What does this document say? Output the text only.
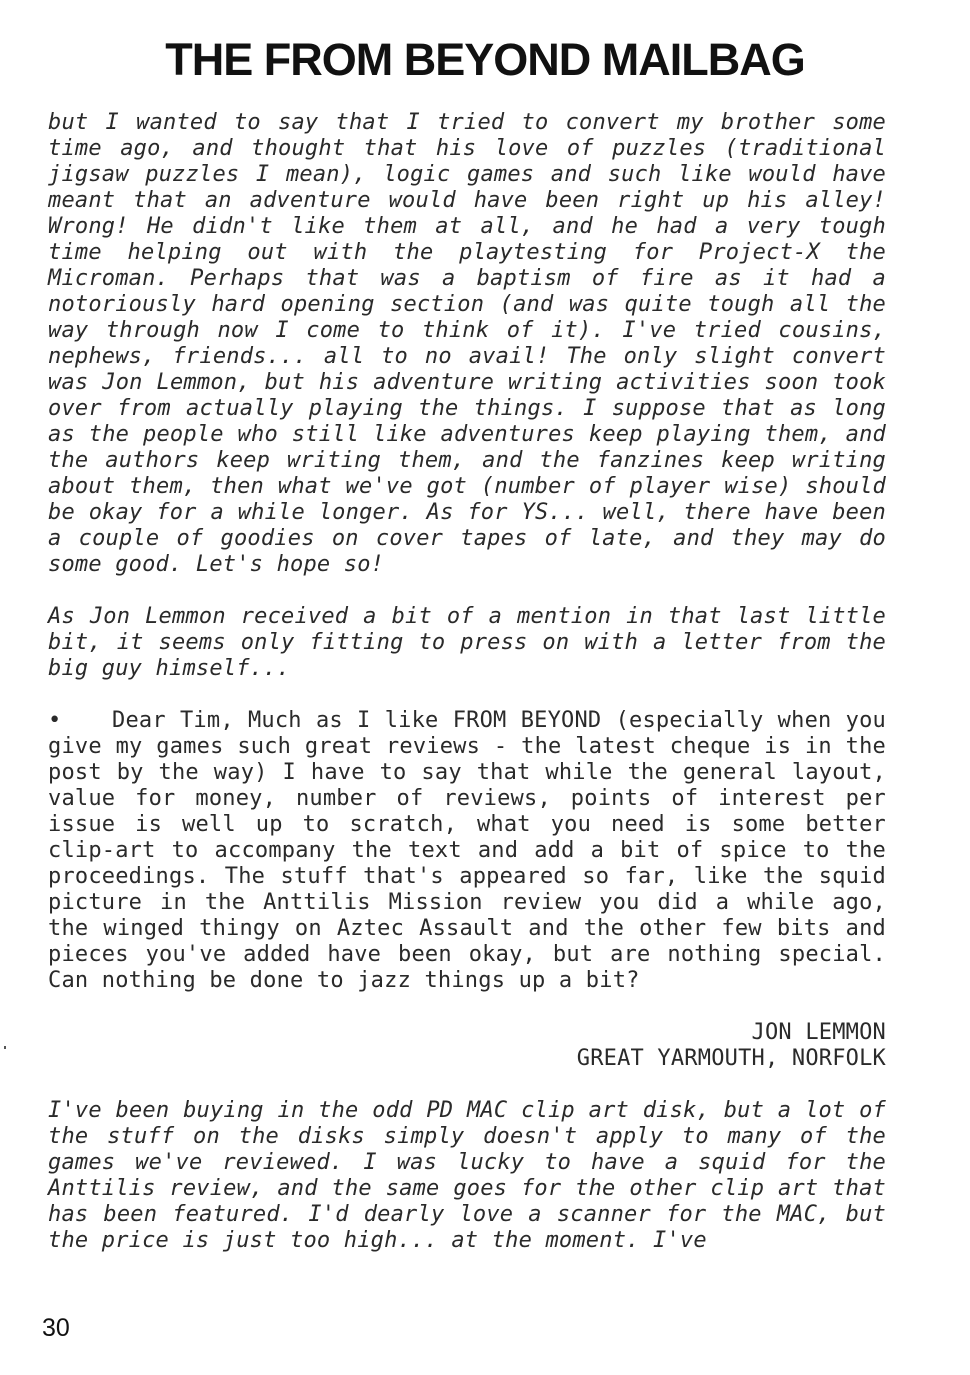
THE FROM BEYOND MAILBAG

but I wanted to say that I tried to convert my brother some time ago, and thought that his love of puzzles (traditional jigsaw puzzles I mean), logic games and such like would have meant that an adventure would have been right up his alley! Wrong! He didn't like them at all, and he had a very tough time helping out with the playtesting for Project-X the Microman. Perhaps that was a baptism of fire as it had a notoriously hard opening section (and was quite tough all the way through now I come to think of it). I've tried cousins, nephews, friends... all to no avail! The only slight convert was Jon Lemmon, but his adventure writing activities soon took over from actually playing the things. I suppose that as long as the people who still like adventures keep playing them, and the authors keep writing them, and the fanzines keep writing about them, then what we've got (number of player wise) should be okay for a while longer. As for YS... well, there have been a couple of goodies on cover tapes of late, and they may do some good. Let's hope so!

As Jon Lemmon received a bit of a mention in that last little bit, it seems only fitting to press on with a letter from the big guy himself...

• Dear Tim, Much as I like FROM BEYOND (especially when you give my games such great reviews - the latest cheque is in the post by the way) I have to say that while the general layout, value for money, number of reviews, points of interest per issue is well up to scratch, what you need is some better clip-art to accompany the text and add a bit of spice to the proceedings. The stuff that's appeared so far, like the squid picture in the Anttilis Mission review you did a while ago, the winged thingy on Aztec Assault and the other few bits and pieces you've added have been okay, but are nothing special. Can nothing be done to jazz things up a bit?

JON LEMMON
GREAT YARMOUTH, NORFOLK

I've been buying in the odd PD MAC clip art disk, but a lot of the stuff on the disks simply doesn't apply to many of the games we've reviewed. I was lucky to have a squid for the Anttilis review, and the same goes for the other clip art that has been featured. I'd dearly love a scanner for the MAC, but the price is just too high... at the moment. I've

30
